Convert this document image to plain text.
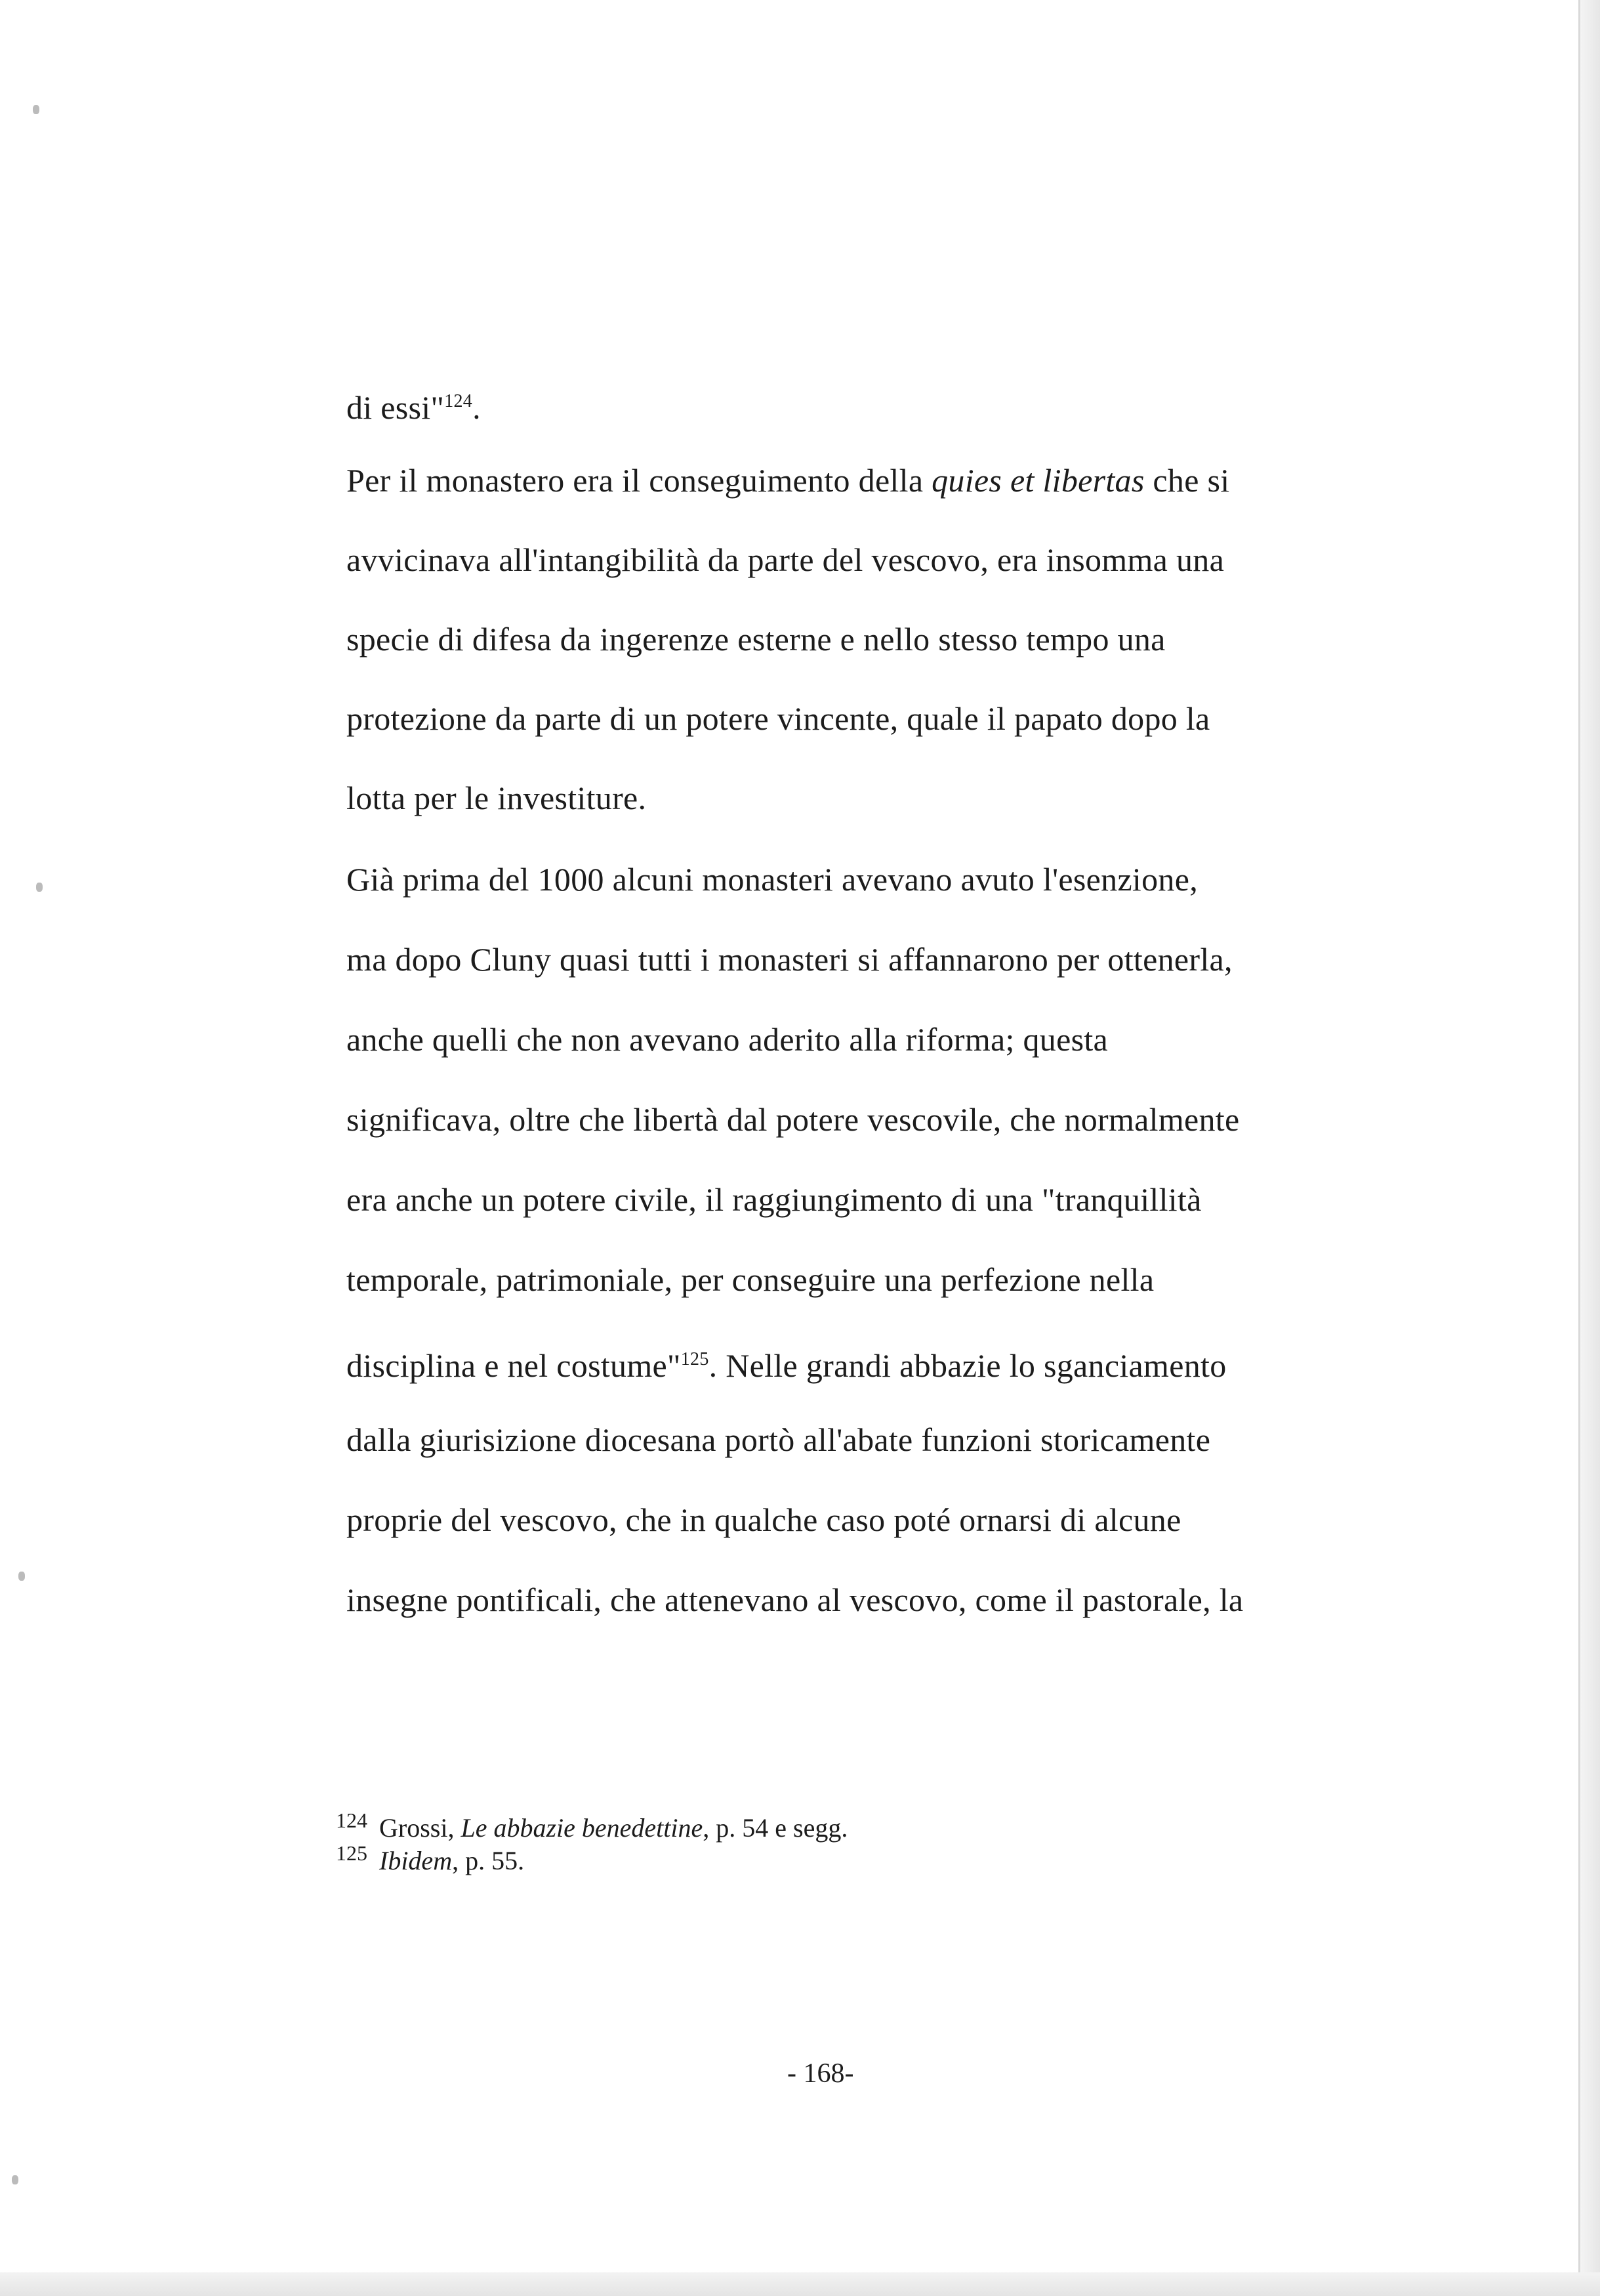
di essi"$^{124}$.
Per il monastero era il conseguimento della quies et libertas che si
avvicinava all'intangibilità da parte del vescovo, era insomma una
specie di difesa da ingerenze esterne e nello stesso tempo una
protezione da parte di un potere vincente, quale il papato dopo la
lotta per le investiture.
Già prima del 1000 alcuni monasteri avevano avuto l'esenzione,
ma dopo Cluny quasi tutti i monasteri si affannarono per ottenerla,
anche quelli che non avevano aderito alla riforma; questa
significava, oltre che libertà dal potere vescovile, che normalmente
era anche un potere civile, il raggiungimento di una "tranquillità
temporale, patrimoniale, per conseguire una perfezione nella
disciplina e nel costume"$^{125}$. Nelle grandi abbazie lo sganciamento
dalla giurisizione diocesana portò all'abate funzioni storicamente
proprie del vescovo, che in qualche caso poté ornarsi di alcune
insegne pontificali, che attenevano al vescovo, come il pastorale, la
$^{124}$ Grossi, Le abbazie benedettine, p. 54 e segg.
$^{125}$ Ibidem, p. 55.
- 168-
